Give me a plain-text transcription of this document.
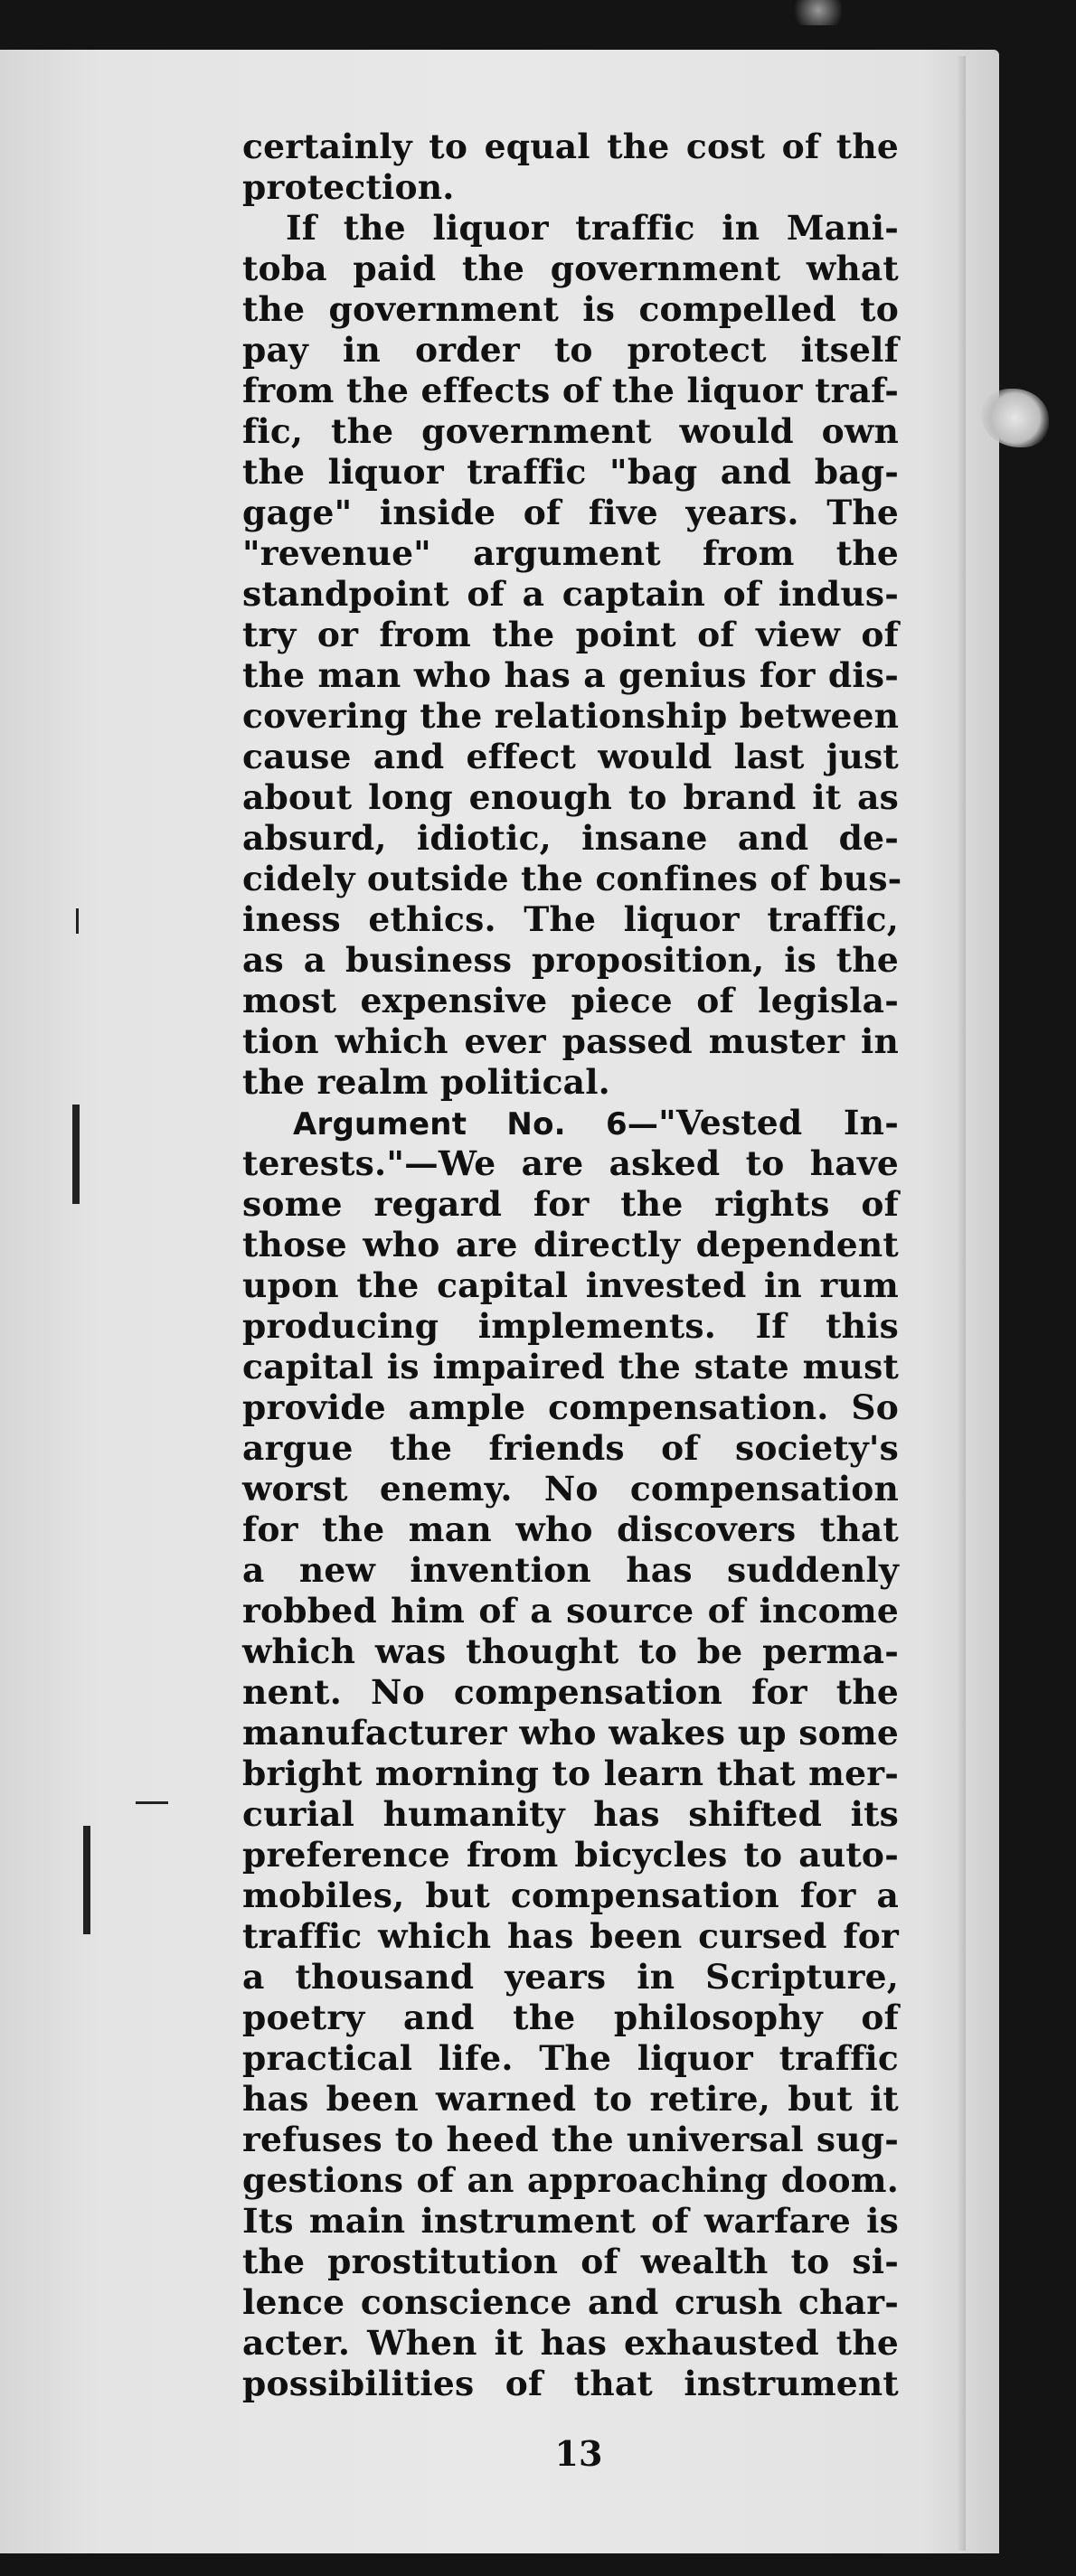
certainly to equal the cost of the
protection.
If the liquor traffic in Mani-
toba paid the government what
the government is compelled to
pay in order to protect itself
from the effects of the liquor traf-
fic, the government would own
the liquor traffic "bag and bag-
gage" inside of five years. The
"revenue" argument from the
standpoint of a captain of indus-
try or from the point of view of
the man who has a genius for dis-
covering the relationship between
cause and effect would last just
about long enough to brand it as
absurd, idiotic, insane and de-
cidely outside the confines of bus-
iness ethics. The liquor traffic,
as a business proposition, is the
most expensive piece of legisla-
tion which ever passed muster in
the realm political.
Argument No. 6—"Vested In-
terests."—We are asked to have
some regard for the rights of
those who are directly dependent
upon the capital invested in rum
producing implements. If this
capital is impaired the state must
provide ample compensation. So
argue the friends of society's
worst enemy. No compensation
for the man who discovers that
a new invention has suddenly
robbed him of a source of income
which was thought to be perma-
nent. No compensation for the
manufacturer who wakes up some
bright morning to learn that mer-
curial humanity has shifted its
preference from bicycles to auto-
mobiles, but compensation for a
traffic which has been cursed for
a thousand years in Scripture,
poetry and the philosophy of
practical life. The liquor traffic
has been warned to retire, but it
refuses to heed the universal sug-
gestions of an approaching doom.
Its main instrument of warfare is
the prostitution of wealth to si-
lence conscience and crush char-
acter. When it has exhausted the
possibilities of that instrument
13
